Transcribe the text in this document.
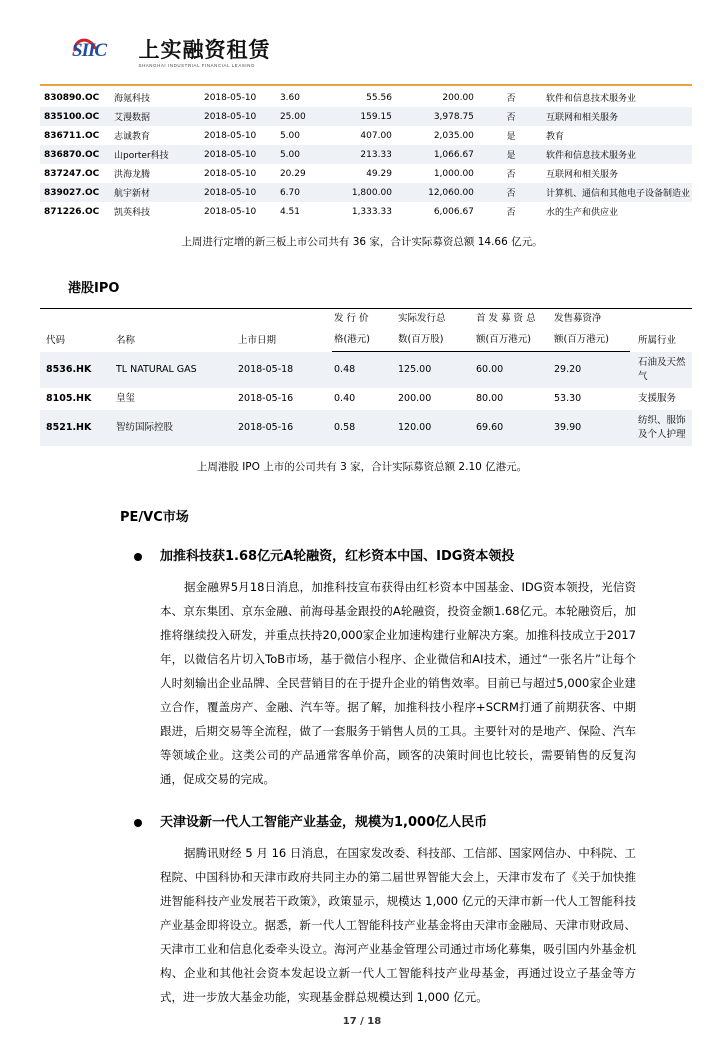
SIIC
上实融资租赁
SHANGHAI INDUSTRIAL FINANCIAL LEASING
830890.OC	海氪科技	2018-05-10	3.60	55.56	200.00	否	软件和信息技术服务业
835100.OC	艾漫数据	2018-05-10	25.00	159.15	3,978.75	否	互联网和相关服务
836711.OC	志诚教育	2018-05-10	5.00	407.00	2,035.00	是	教育
836870.OC	山porter科技	2018-05-10	5.00	213.33	1,066.67	是	软件和信息技术服务业
837247.OC	洪海龙腾	2018-05-10	20.29	49.29	1,000.00	否	互联网和相关服务
839027.OC	航宇新材	2018-05-10	6.70	1,800.00	12,060.00	否	计算机、通信和其他电子设备制造业
871226.OC	凯英科技	2018-05-10	4.51	1,333.33	6,006.67	否	水的生产和供应业
上周进行定增的新三板上市公司共有 36 家，合计实际募资总额 14.66 亿元。
港股IPO
代码	名称	上市日期	发 行 价	实际发行总	首 发 募 资 总	发售募资净	所属行业
			格(港元)	数(百万股)	额(百万港元)	额(百万港元)	
8536.HK	TL NATURAL GAS	2018-05-18	0.48	125.00	60.00	29.20	石油及天然气
8105.HK	皇玺	2018-05-16	0.40	200.00	80.00	53.30	支援服务
8521.HK	智纺国际控股	2018-05-16	0.58	120.00	69.60	39.90	纺织、服饰及个人护理
上周港股 IPO 上市的公司共有 3 家，合计实际募资总额 2.10 亿港元。
PE/VC市场
加推科技获1.68亿元A轮融资，红杉资本中国、IDG资本领投
据金融界5月18日消息，加推科技宣布获得由红杉资本中国基金、IDG资本领投，光信资本、京东集团、京东金融、前海母基金跟投的A轮融资，投资金额1.68亿元。本轮融资后，加推将继续投入研发，并重点扶持20,000家企业加速构建行业解决方案。加推科技成立于2017年，以微信名片切入ToB市场，基于微信小程序、企业微信和AI技术，通过“一张名片”让每个人时刻输出企业品牌、全民营销目的在于提升企业的销售效率。目前已与超过5,000家企业建立合作，覆盖房产、金融、汽车等。据了解，加推科技小程序+SCRM打通了前期获客、中期跟进，后期交易等全流程，做了一套服务于销售人员的工具。主要针对的是地产、保险、汽车等领域企业。这类公司的产品通常客单价高，顾客的决策时间也比较长，需要销售的反复沟通，促成交易的完成。
天津设新一代人工智能产业基金，规模为1,000亿人民币
据腾讯财经 5 月 16 日消息，在国家发改委、科技部、工信部、国家网信办、中科院、工程院、中国科协和天津市政府共同主办的第二届世界智能大会上，天津市发布了《关于加快推进智能科技产业发展若干政策》，政策显示，规模达 1,000 亿元的天津市新一代人工智能科技产业基金即将设立。据悉，新一代人工智能科技产业基金将由天津市金融局、天津市财政局、天津市工业和信息化委牵头设立。海河产业基金管理公司通过市场化募集，吸引国内外基金机构、企业和其他社会资本发起设立新一代人工智能科技产业母基金，再通过设立子基金等方式，进一步放大基金功能，实现基金群总规模达到 1,000 亿元。
17 / 18
